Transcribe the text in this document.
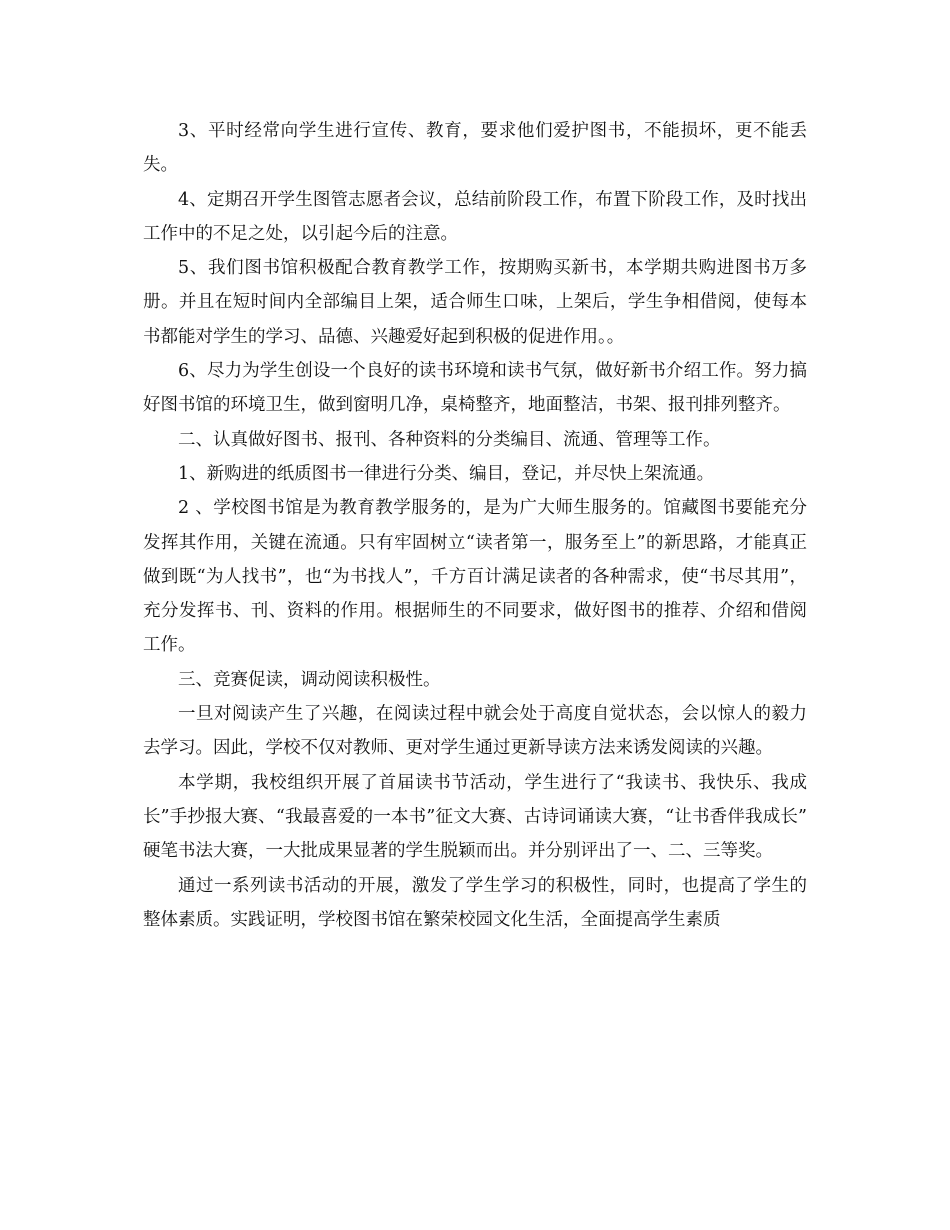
3、平时经常向学生进行宣传、教育，要求他们爱护图书，不能损坏，更不能丢失。

4、定期召开学生图管志愿者会议，总结前阶段工作，布置下阶段工作，及时找出工作中的不足之处，以引起今后的注意。

5、我们图书馆积极配合教育教学工作，按期购买新书，本学期共购进图书万多册。并且在短时间内全部编目上架，适合师生口味，上架后，学生争相借阅，使每本书都能对学生的学习、品德、兴趣爱好起到积极的促进作用。。

6、尽力为学生创设一个良好的读书环境和读书气氛，做好新书介绍工作。努力搞好图书馆的环境卫生，做到窗明几净，桌椅整齐，地面整洁，书架、报刊排列整齐。

二、认真做好图书、报刊、各种资料的分类编目、流通、管理等工作。

1、新购进的纸质图书一律进行分类、编目，登记，并尽快上架流通。

2 、学校图书馆是为教育教学服务的，是为广大师生服务的。馆藏图书要能充分发挥其作用，关键在流通。只有牢固树立“读者第一，服务至上”的新思路，才能真正做到既“为人找书”，也“为书找人”，千方百计满足读者的各种需求，使“书尽其用”，充分发挥书、刊、资料的作用。根据师生的不同要求，做好图书的推荐、介绍和借阅工作。

三、竞赛促读，调动阅读积极性。

一旦对阅读产生了兴趣，在阅读过程中就会处于高度自觉状态，会以惊人的毅力去学习。因此，学校不仅对教师、更对学生通过更新导读方法来诱发阅读的兴趣。

本学期，我校组织开展了首届读书节活动，学生进行了“我读书、我快乐、我成长”手抄报大赛、“我最喜爱的一本书”征文大赛、古诗词诵读大赛，“让书香伴我成长” 硬笔书法大赛，一大批成果显著的学生脱颖而出。并分别评出了一、二、三等奖。

通过一系列读书活动的开展，激发了学生学习的积极性，同时，也提高了学生的整体素质。实践证明，学校图书馆在繁荣校园文化生活，全面提高学生素质
